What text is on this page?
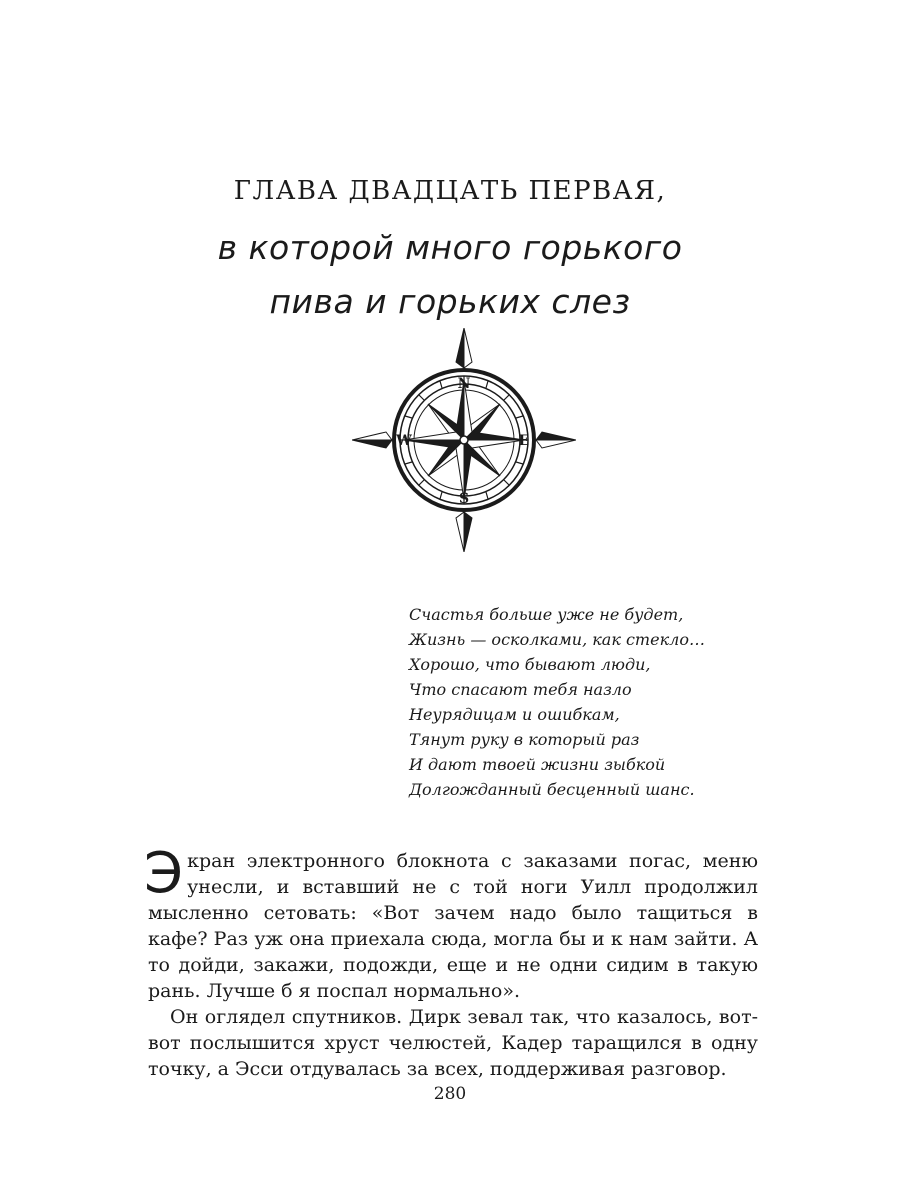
ГЛАВА ДВАДЦАТЬ ПЕРВАЯ,
в которой много горького
пива и горьких слез
N
S
E
W
Счастья больше уже не будет,
Жизнь — осколками, как стекло…
Хорошо, что бывают люди,
Что спасают тебя назло
Неурядицам и ошибкам,
Тянут руку в который раз
И дают твоей жизни зыбкой
Долгожданный бесценный шанс.

Экран электронного блокнота с заказами погас, меню унесли, и вставший не с той ноги Уилл продолжил мысленно сетовать: «Вот зачем надо было тащиться в кафе? Раз уж она приехала сюда, могла бы и к нам зайти. А то дойди, закажи, подожди, еще и не одни сидим в такую рань. Лучше б я поспал нормально».

Он оглядел спутников. Дирк зевал так, что казалось, вот-вот послышится хруст челюстей, Кадер таращился в одну точку, а Эсси отдувалась за всех, поддерживая разговор.

280
